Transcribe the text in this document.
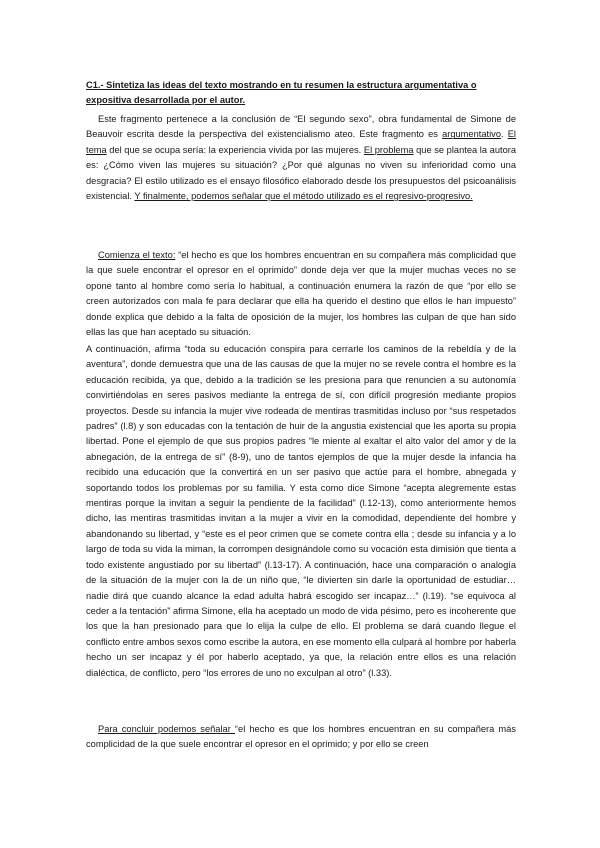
C1.- Sintetiza las ideas del texto mostrando en tu resumen la estructura argumentativa o expositiva desarrollada por el autor.

Este fragmento pertenece a la conclusión de “El segundo sexo”, obra fundamental de Simone de Beauvoir escrita desde la perspectiva del existencialismo ateo. Este fragmento es argumentativo. El tema del que se ocupa sería: la experiencia vivida por las mujeres. El problema que se plantea la autora es: ¿Cómo viven las mujeres su situación? ¿Por qué algunas no viven su inferioridad como una desgracia? El estilo utilizado es el ensayo filosófico elaborado desde los presupuestos del psicoanálisis existencial. Y finalmente, podemos señalar que el método utilizado es el regresivo-progresivo.

Comienza el texto: “el hecho es que los hombres encuentran en su compañera más complicidad que la que suele encontrar el opresor en el oprimido” donde deja ver que la mujer muchas veces no se opone tanto al hombre como sería lo habitual, a continuación enumera la razón de que “por ello se creen autorizados con mala fe para declarar que ella ha querido el destino que ellos le han impuesto” donde explica que debido a la falta de oposición de la mujer, los hombres las culpan de que han sido ellas las que han aceptado su situación.

A continuación, afirma “toda su educación conspira para cerrarle los caminos de la rebeldía y de la aventura”, donde demuestra que una de las causas de que la mujer no se revele contra el hombre es la educación recibida, ya que, debido a la tradición se les presiona para que renuncien a su autonomía convirtiéndolas en seres pasivos mediante la entrega de sí, con difícil progresión mediante propios proyectos. Desde su infancia la mujer vive rodeada de mentiras trasmitidas incluso por “sus respetados padres” (l.8) y son educadas con la tentación de huir de la angustia existencial que les aporta su propia libertad. Pone el ejemplo de que sus propios padres “le miente al exaltar el alto valor del amor y de la abnegación, de la entrega de sí” (8-9), uno de tantos ejemplos de que la mujer desde la infancia ha recibido una educación que la convertirá en un ser pasivo que actúe para el hombre, abnegada y soportando todos los problemas por su familia. Y esta como dice Simone “acepta alegremente estas mentiras porque la invitan a seguir la pendiente de la facilidad” (l.12-13), como anteriormente hemos dicho, las mentiras trasmitidas invitan a la mujer a vivir en la comodidad, dependiente del hombre y abandonando su libertad, y “este es el peor crimen que se comete contra ella ; desde su infancia y a lo largo de toda su vida la miman, la corrompen designándole como su vocación esta dimisión que tienta a todo existente angustiado por su libertad” (l.13-17). A continuación, hace una comparación o analogía de la situación de la mujer con la de un niño que, “le divierten sin darle la oportunidad de estudiar…nadie dirá que cuando alcance la edad adulta habrá escogido ser incapaz…” (l.19). “se equivoca al ceder a la tentación” afirma Simone, ella ha aceptado un modo de vida pésimo, pero es incoherente que los que la han presionado para que lo elija la culpe de ello. El problema se dará cuando llegue el conflicto entre ambos sexos como escribe la autora, en ese momento ella culpará al hombre por haberla hecho un ser incapaz y él por haberlo aceptado, ya que, la relación entre ellos es una relación dialéctica, de conflicto, pero “los errores de uno no exculpan al otro” (l.33).

Para concluir podemos señalar “el hecho es que los hombres encuentran en su compañera más complicidad de la que suele encontrar el opresor en el oprimido; y por ello se creen
